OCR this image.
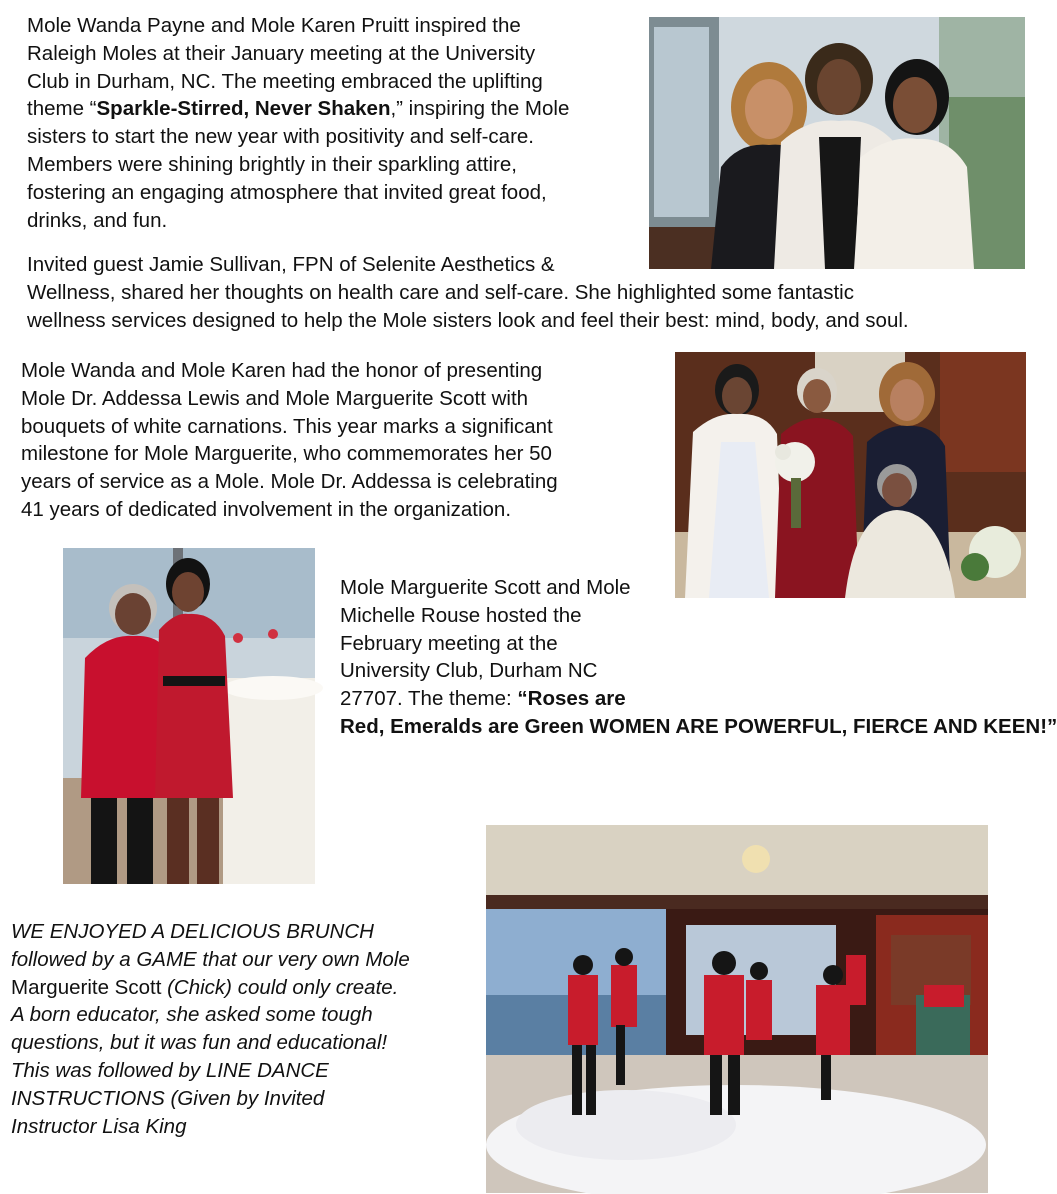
Mole Wanda Payne and Mole Karen Pruitt inspired the
Raleigh Moles at their January meeting at the University
Club in Durham, NC. The meeting embraced the uplifting
theme “Sparkle-Stirred, Never Shaken,” inspiring the Mole
sisters to start the new year with positivity and self-care.
Members were shining brightly in their sparkling attire,
fostering an engaging atmosphere that invited great food,
drinks, and fun.
Invited guest Jamie Sullivan, FPN of Selenite Aesthetics &
Wellness, shared her thoughts on health care and self-care. She highlighted some fantastic
wellness services designed to help the Mole sisters look and feel their best: mind, body, and soul.
Mole Wanda and Mole Karen had the honor of presenting
Mole Dr. Addessa Lewis and Mole Marguerite Scott with
bouquets of white carnations. This year marks a significant
milestone for Mole Marguerite, who commemorates her 50
years of service as a Mole. Mole Dr. Addessa is celebrating
41 years of dedicated involvement in the organization.
Mole Marguerite Scott and Mole
Michelle Rouse hosted the
February meeting at the
University Club, Durham NC
27707. The theme: “Roses are
Red, Emeralds are Green WOMEN ARE POWERFUL, FIERCE AND KEEN!”
WE ENJOYED A DELICIOUS BRUNCH
followed by a GAME that our very own Mole
Marguerite Scott (Chick) could only create.
A born educator, she asked some tough
questions, but it was fun and educational!
This was followed by LINE DANCE
INSTRUCTIONS (Given by Invited
Instructor Lisa King
